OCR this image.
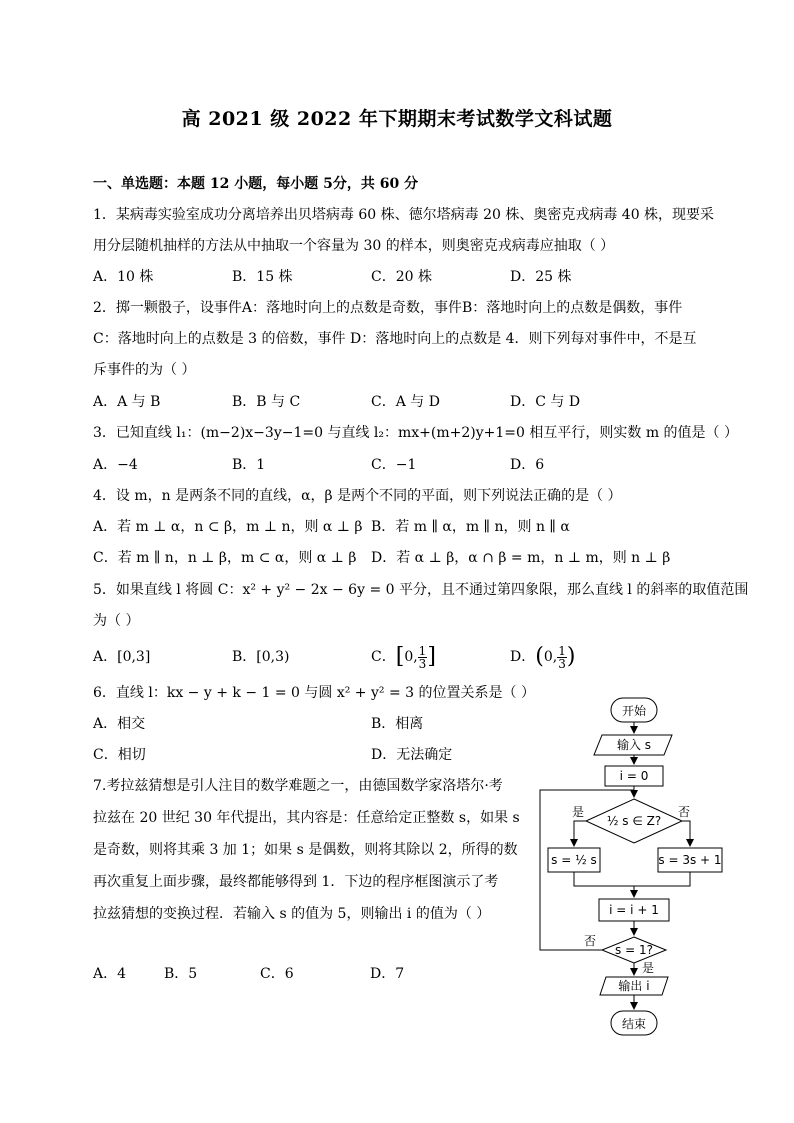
高 2021 级 2022 年下期期末考试数学文科试题
一、单选题：本题 12 小题，每小题 5分，共 60 分
1．某病毒实验室成功分离培养出贝塔病毒 60 株、德尔塔病毒 20 株、奥密克戎病毒 40 株，现要采
用分层随机抽样的方法从中抽取一个容量为 30 的样本，则奥密克戎病毒应抽取（ ）
A．10 株	B．15 株	C．20 株	D．25 株
2．掷一颗骰子，设事件A：落地时向上的点数是奇数，事件B：落地时向上的点数是偶数，事件
C：落地时向上的点数是 3 的倍数，事件 D：落地时向上的点数是 4．则下列每对事件中，不是互
斥事件的为（ ）
A．A 与 B	B．B 与 C	C．A 与 D	D．C 与 D
3．已知直线 l₁：(m−2)x−3y−1=0 与直线 l₂：mx+(m+2)y+1=0 相互平行，则实数 m 的值是（ ）
A．−4	B．1	C．−1	D．6
4．设 m，n 是两条不同的直线，α，β 是两个不同的平面，则下列说法正确的是（ ）
A．若 m ⊥ α，n ⊂ β，m ⊥ n，则 α ⊥ β B．若 m ∥ α，m ∥ n，则 n ∥ α
C．若 m ∥ n，n ⊥ β，m ⊂ α，则 α ⊥ β D．若 α ⊥ β，α ∩ β = m，n ⊥ m，则 n ⊥ β
5．如果直线 l 将圆 C：x² + y² − 2x − 6y = 0 平分，且不通过第四象限，那么直线 l 的斜率的取值范围
为（ ）
A．[0,3]	B．[0,3)	C．[0, $\frac{1}{3}$ ]	D．(0, $\frac{1}{3}$ )
6．直线 l：kx − y + k − 1 = 0 与圆 x² + y² = 3 的位置关系是（ ）
A．相交	B．相离
C．相切	D．无法确定
7.考拉兹猜想是引人注目的数学难题之一，由德国数学家洛塔尔·考
拉兹在 20 世纪 30 年代提出，其内容是：任意给定正整数 s，如果 s
是奇数，则将其乘 3 加 1；如果 s 是偶数，则将其除以 2，所得的数
再次重复上面步骤，最终都能够得到 1．下边的程序框图演示了考
拉兹猜想的变换过程．若输入 s 的值为 5，则输出 i 的值为（ ）
A．4	B．5	C．6	D．7
开始
输入 s
i = 0
½ s ∈ Z?
是	否
s = ½ s	s = 3s + 1
i = i + 1
s = 1?
否
是
输出 i
结束
